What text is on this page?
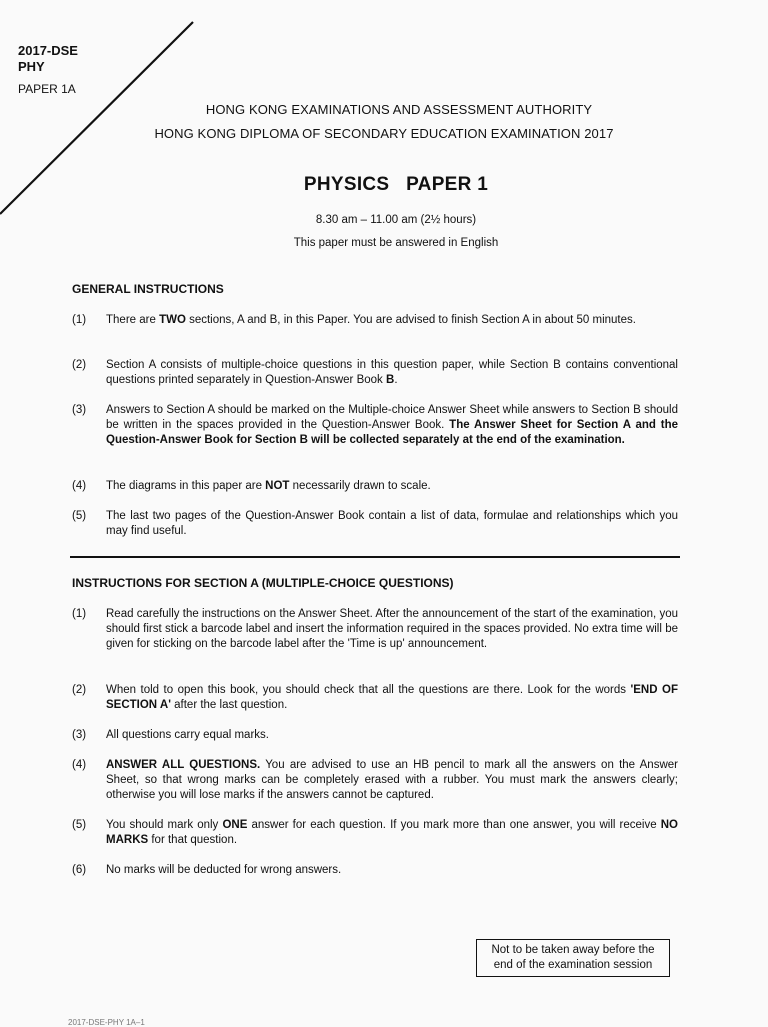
2017-DSE
PHY
PAPER 1A
HONG KONG EXAMINATIONS AND ASSESSMENT AUTHORITY
HONG KONG DIPLOMA OF SECONDARY EDUCATION EXAMINATION 2017
PHYSICS   PAPER 1
8.30 am – 11.00 am (2½ hours)
This paper must be answered in English
GENERAL INSTRUCTIONS
(1)	There are TWO sections, A and B, in this Paper. You are advised to finish Section A in about 50 minutes.
(2)	Section A consists of multiple-choice questions in this question paper, while Section B contains conventional questions printed separately in Question-Answer Book B.
(3)	Answers to Section A should be marked on the Multiple-choice Answer Sheet while answers to Section B should be written in the spaces provided in the Question-Answer Book. The Answer Sheet for Section A and the Question-Answer Book for Section B will be collected separately at the end of the examination.
(4)	The diagrams in this paper are NOT necessarily drawn to scale.
(5)	The last two pages of the Question-Answer Book contain a list of data, formulae and relationships which you may find useful.
INSTRUCTIONS FOR SECTION A (MULTIPLE-CHOICE QUESTIONS)
(1)	Read carefully the instructions on the Answer Sheet. After the announcement of the start of the examination, you should first stick a barcode label and insert the information required in the spaces provided. No extra time will be given for sticking on the barcode label after the 'Time is up' announcement.
(2)	When told to open this book, you should check that all the questions are there. Look for the words 'END OF SECTION A' after the last question.
(3)	All questions carry equal marks.
(4)	ANSWER ALL QUESTIONS. You are advised to use an HB pencil to mark all the answers on the Answer Sheet, so that wrong marks can be completely erased with a rubber. You must mark the answers clearly; otherwise you will lose marks if the answers cannot be captured.
(5)	You should mark only ONE answer for each question. If you mark more than one answer, you will receive NO MARKS for that question.
(6)	No marks will be deducted for wrong answers.
Not to be taken away before the
end of the examination session
2017-DSE-PHY 1A–1
